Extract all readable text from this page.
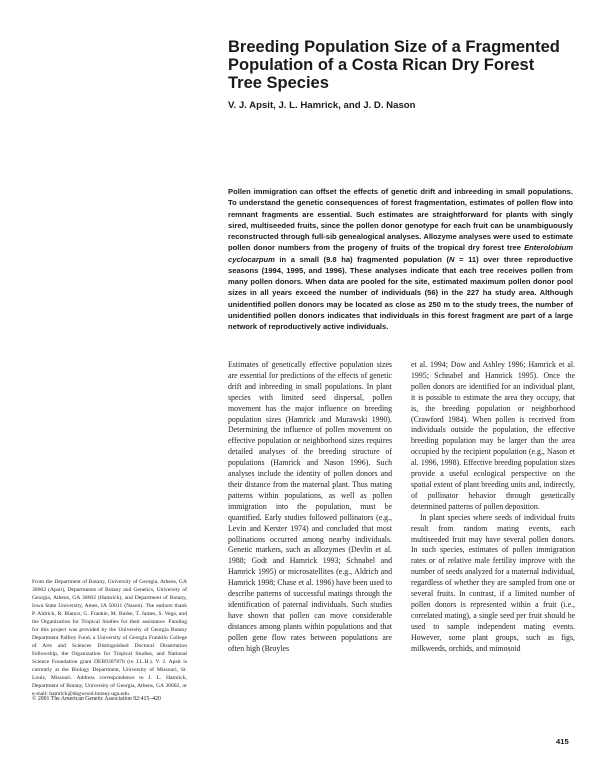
Breeding Population Size of a Fragmented Population of a Costa Rican Dry Forest Tree Species

V. J. Apsit, J. L. Hamrick, and J. D. Nason

Pollen immigration can offset the effects of genetic drift and inbreeding in small populations. To understand the genetic consequences of forest fragmentation, estimates of pollen flow into remnant fragments are essential. Such estimates are straightforward for plants with singly sired, multiseeded fruits, since the pollen donor genotype for each fruit can be unambiguously reconstructed through full-sib genealogical analyses. Allozyme analyses were used to estimate pollen donor numbers from the progeny of fruits of the tropical dry forest tree Enterolobium cyclocarpum in a small (9.8 ha) fragmented population (N = 11) over three reproductive seasons (1994, 1995, and 1996). These analyses indicate that each tree receives pollen from many pollen donors. When data are pooled for the site, estimated maximum pollen donor pool sizes in all years exceed the number of individuals (56) in the 227 ha study area. Although unidentified pollen donors may be located as close as 250 m to the study trees, the number of unidentified pollen donors indicates that individuals in this forest fragment are part of a large network of reproductively active individuals.

Estimates of genetically effective population sizes are essential for predictions of the effects of genetic drift and inbreeding in small populations. In plant species with limited seed dispersal, pollen movement has the major influence on breeding population sizes (Hamrick and Murawski 1990). Determining the influence of pollen movement on effective population or neighborhood sizes requires detailed analyses of the breeding structure of populations (Hamrick and Nason 1996). Such analyses include the identity of pollen donors and their distance from the maternal plant. Thus mating patterns within populations, as well as pollen immigration into the population, must be quantified. Early studies followed pollinators (e.g., Levin and Kerster 1974) and concluded that most pollinations occurred among nearby individuals. Genetic markers, such as allozymes (Devlin et al. 1988; Godt and Hamrick 1993; Schnabel and Hamrick 1995) or microsatellites (e.g., Aldrich and Hamrick 1998; Chase et al. 1996) have been used to describe patterns of successful matings through the identification of paternal individuals. Such studies have shown that pollen can move considerable distances among plants within populations and that pollen gene flow rates between populations are often high (Broyles

et al. 1994; Dow and Ashley 1996; Hamrick et al. 1995; Schnabel and Hamrick 1995). Once the pollen donors are identified for an individual plant, it is possible to estimate the area they occupy, that is, the breeding population or neighborhood (Crawford 1984). When pollen is received from individuals outside the population, the effective breeding population may be larger than the area occupied by the recipient population (e.g., Nason et al. 1996, 1998). Effective breeding population sizes provide a useful ecological perspective on the spatial extent of plant breeding units and, indirectly, of pollinator behavior through genetically determined patterns of pollen deposition.

In plant species where seeds of individual fruits result from random mating events, each multiseeded fruit may have several pollen donors. In such species, estimates of pollen immigration rates or of relative male fertility improve with the number of seeds analyzed for a maternal individual, regardless of whether they are sampled from one or several fruits. In contrast, if a limited number of pollen donors is represented within a fruit (i.e., correlated mating), a single seed per fruit should be used to sample independent mating events. However, some plant groups, such as figs, milkweeds, orchids, and mimosoid

From the Department of Botany, University of Georgia, Athens, GA 30602 (Apsit), Departments of Botany and Genetics, University of Georgia, Athens, GA 30602 (Hamrick), and Department of Botany, Iowa State University, Ames, IA 50011 (Nason). The authors thank P. Aldrich, R. Blanco, G. Frankie, M. Burke, T. James, S. Vega, and the Organization for Tropical Studies for their assistance. Funding for this project was provided by the University of Georgia Botany Department Palfrey Fund, a University of Georgia Franklin College of Arts and Sciences Distinguished Doctoral Dissertation Fellowship, the Organization for Tropical Studies, and National Science Foundation grant DEB9307878 (to J.L.H.). V. J. Apsit is currently at the Biology Department, University of Missouri, St. Louis, Missouri. Address correspondence to J. L. Hamrick, Department of Botany, University of Georgia, Athens, GA 30602, or e-mail: hamrick@dogwood.botany.uga.edu.

© 2001 The American Genetic Association 92:415–420

415
